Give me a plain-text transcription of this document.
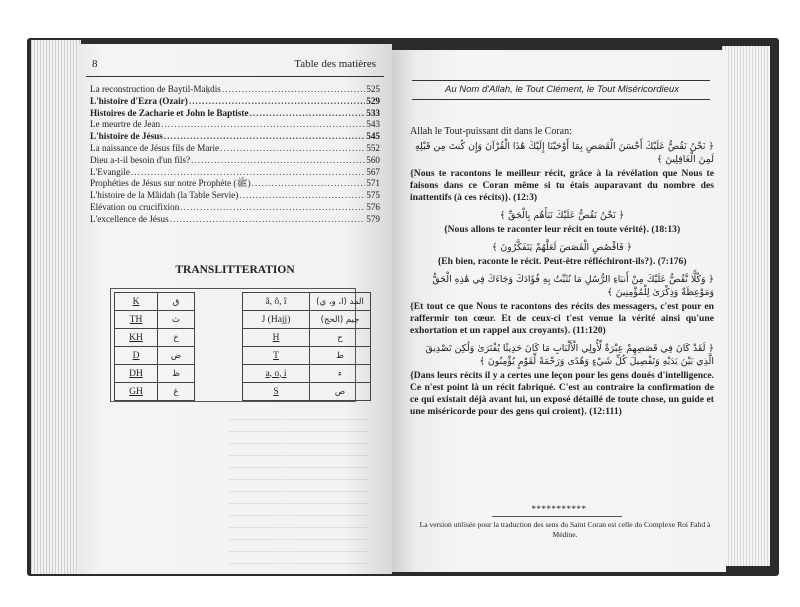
8	Table des matières
La reconstruction de Baytil-Maķdis .....	525
L'histoire d'Ezra (Ozair) .....	529
Histoires de Zacharie et John le Baptiste .....	533
Le meurtre de Jean .....	543
L'histoire de Jésus .....	545
La naissance de Jésus fils de Marie .....	552
Dieu a-t-il besoin d'un fils? .....	560
L'Evangile .....	567
Prophéties de Jésus sur notre Prophète (ﷺ) .....	571
L'histoire de la Mâidah (la Table Servie) .....	575
Elévation ou crucifixion .....	576
L'excellence de Jésus .....	579
TRANSLITTERATION
K	ق
TH	ث
KH	خ
D	ض
DH	ظ
GH	غ
â, ô, î	المد (ا، و، ي)
J (Hajj)	جيم (الحج)
H	ح
T	ط
a, o, i	ء
S	ص
Au Nom d'Allah, le Tout Clément, le Tout Miséricordieux

Allah le Tout-puissant dit dans le Coran:

﴿ نَحْنُ نَقُصُّ عَلَيْكَ أَحْسَنَ الْقَصَصِ بِمَا أَوْحَيْنَا إِلَيْكَ هَٰذَا الْقُرْآنَ وَإِن كُنتَ مِن قَبْلِهِ لَمِنَ الْغَافِلِينَ ﴾

{Nous te racontons le meilleur récit, grâce à la révélation que Nous te faisons dans ce Coran même si tu étais auparavant du nombre des inattentifs (à ces récits)}. (12:3)

﴿ نَحْنُ نَقُصُّ عَلَيْكَ نَبَأَهُم بِالْحَقِّ ﴾

{Nous allons te raconter leur récit en toute vérité}. (18:13)

﴿ فَاقْصُصِ الْقَصَصَ لَعَلَّهُمْ يَتَفَكَّرُونَ ﴾

{Eh bien, raconte le récit. Peut-être réfléchiront-ils?}. (7:176)

﴿ وَكُلًّا نَّقُصُّ عَلَيْكَ مِنْ أَنبَاءِ الرُّسُلِ مَا نُثَبِّتُ بِهِ فُؤَادَكَ وَجَاءَكَ فِي هَٰذِهِ الْحَقُّ وَمَوْعِظَةٌ وَذِكْرَىٰ لِلْمُؤْمِنِينَ ﴾

{Et tout ce que Nous te racontons des récits des messagers, c'est pour en raffermir ton cœur. Et de ceux-ci t'est venue la vérité ainsi qu'une exhortation et un rappel aux croyants}. (11:120)

﴿ لَقَدْ كَانَ فِي قَصَصِهِمْ عِبْرَةٌ لِّأُولِي الْأَلْبَابِ مَا كَانَ حَدِيثًا يُفْتَرَىٰ وَلَٰكِن تَصْدِيقَ الَّذِي بَيْنَ يَدَيْهِ وَتَفْصِيلَ كُلِّ شَيْءٍ وَهُدًى وَرَحْمَةً لِّقَوْمٍ يُؤْمِنُونَ ﴾

{Dans leurs récits il y a certes une leçon pour les gens doués d'intelligence. Ce n'est point là un récit fabriqué. C'est au contraire la confirmation de ce qui existait déjà avant lui, un exposé détaillé de toute chose, un guide et une miséricorde pour des gens qui croient}. (12:111)

***********
La version utilisée pour la traduction des sens du Saint Coran est celle du Complexe Roi Fahd à Médine.
